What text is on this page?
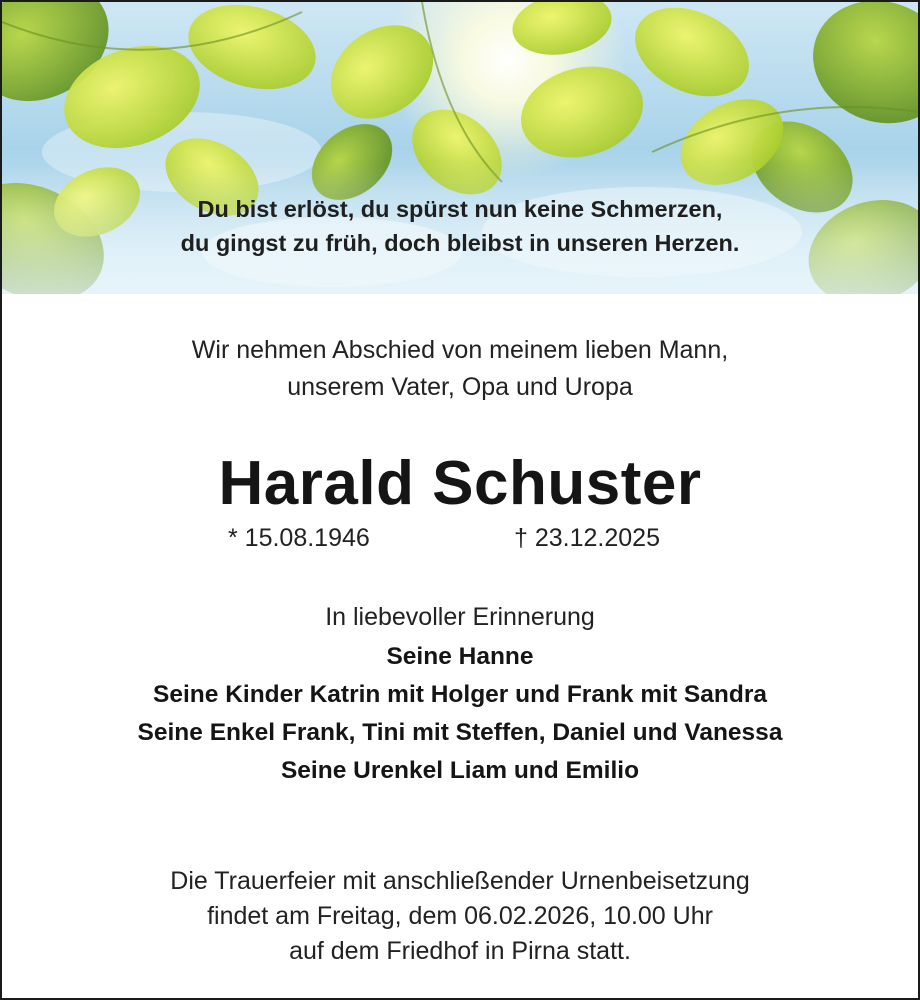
Du bist erlöst, du spürst nun keine Schmerzen,
du gingst zu früh, doch bleibst in unseren Herzen.
Wir nehmen Abschied von meinem lieben Mann,
unserem Vater, Opa und Uropa
Harald Schuster
* 15.08.1946	† 23.12.2025
In liebevoller Erinnerung
Seine Hanne
Seine Kinder Katrin mit Holger und Frank mit Sandra
Seine Enkel Frank, Tini mit Steffen, Daniel und Vanessa
Seine Urenkel Liam und Emilio
Die Trauerfeier mit anschließender Urnenbeisetzung
findet am Freitag, dem 06.02.2026, 10.00 Uhr
auf dem Friedhof in Pirna statt.
